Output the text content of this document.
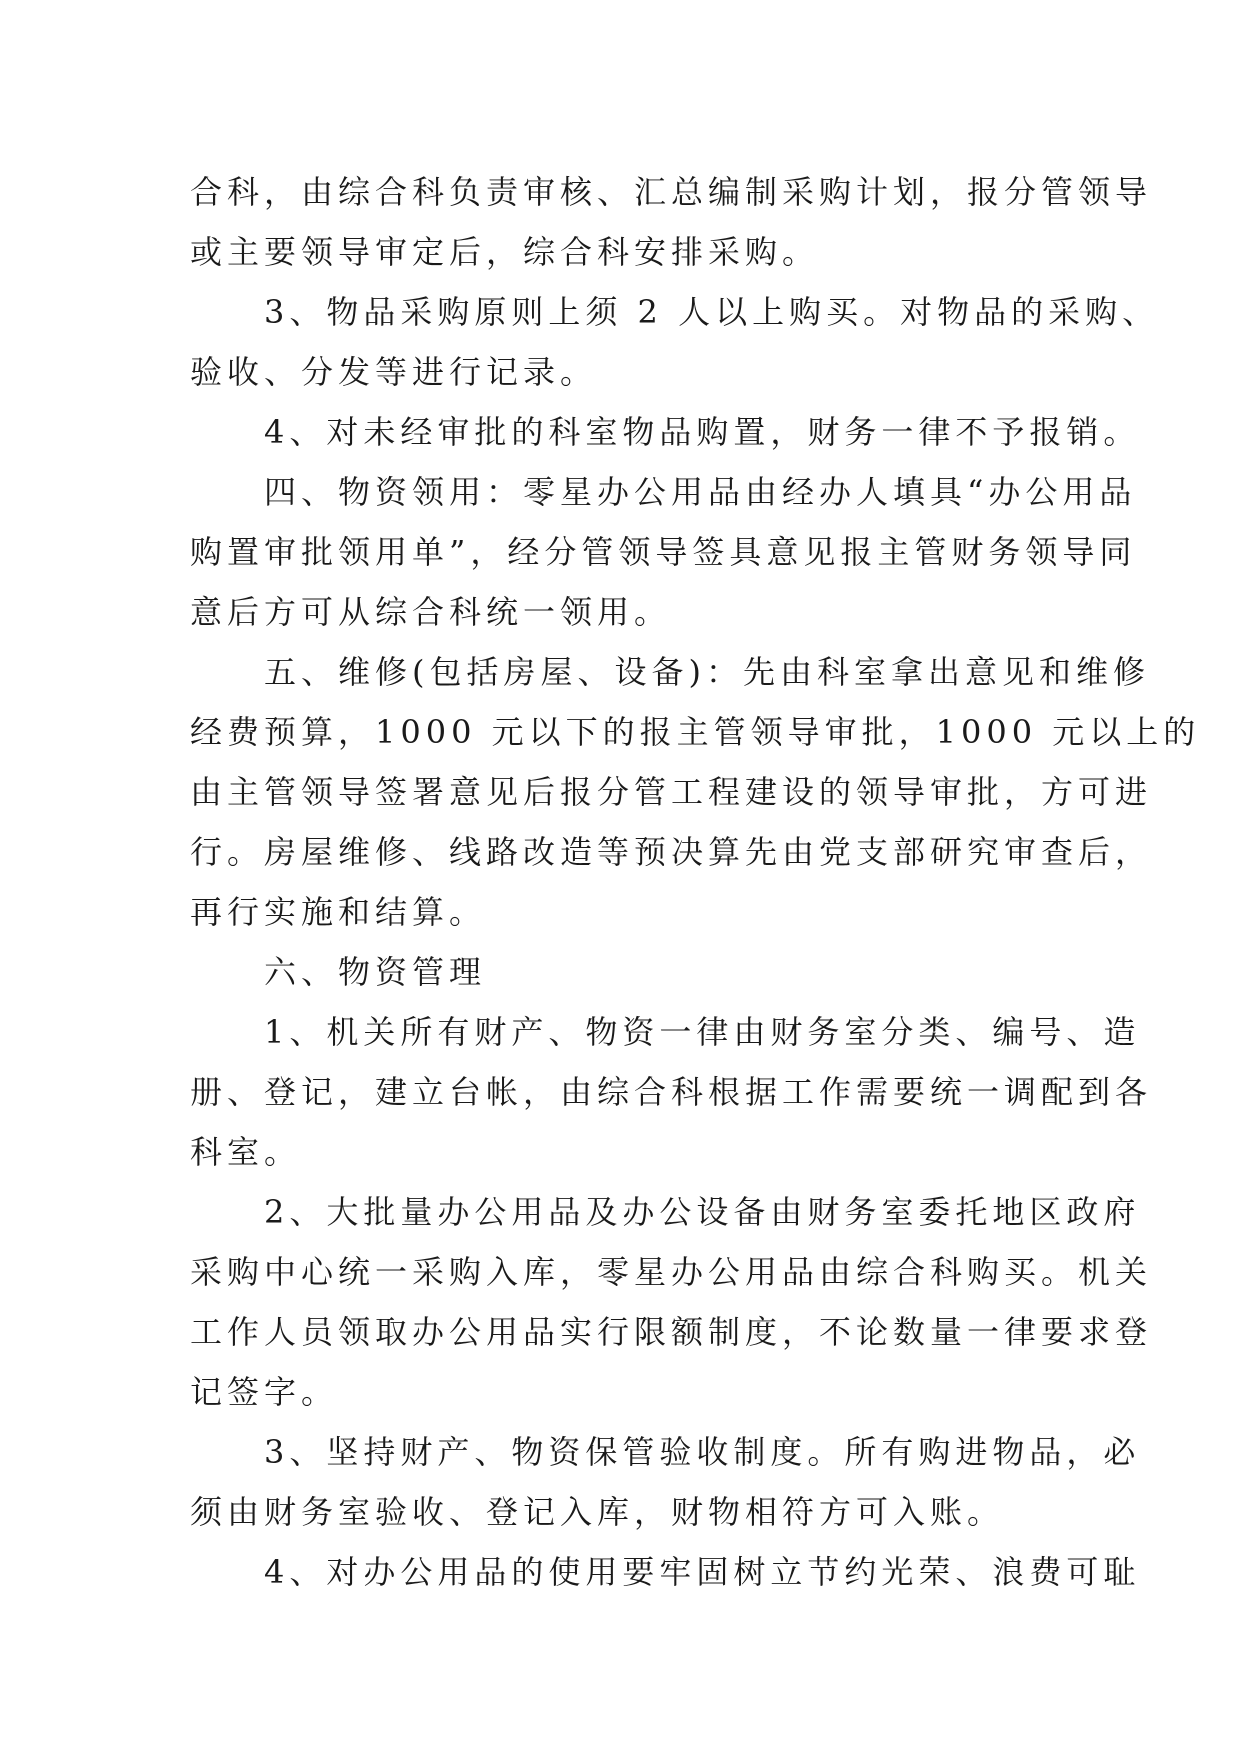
合科，由综合科负责审核、汇总编制采购计划，报分管领导
或主要领导审定后，综合科安排采购。
　　3、物品采购原则上须 2 人以上购买。对物品的采购、
验收、分发等进行记录。
　　4、对未经审批的科室物品购置，财务一律不予报销。
　　四、物资领用：零星办公用品由经办人填具“办公用品
购置审批领用单”，经分管领导签具意见报主管财务领导同
意后方可从综合科统一领用。
　　五、维修(包括房屋、设备)：先由科室拿出意见和维修
经费预算，1000 元以下的报主管领导审批，1000 元以上的
由主管领导签署意见后报分管工程建设的领导审批，方可进
行。房屋维修、线路改造等预决算先由党支部研究审查后，
再行实施和结算。
　　六、物资管理
　　1、机关所有财产、物资一律由财务室分类、编号、造
册、登记，建立台帐，由综合科根据工作需要统一调配到各
科室。
　　2、大批量办公用品及办公设备由财务室委托地区政府
采购中心统一采购入库，零星办公用品由综合科购买。机关
工作人员领取办公用品实行限额制度，不论数量一律要求登
记签字。
　　3、坚持财产、物资保管验收制度。所有购进物品，必
须由财务室验收、登记入库，财物相符方可入账。
　　4、对办公用品的使用要牢固树立节约光荣、浪费可耻
